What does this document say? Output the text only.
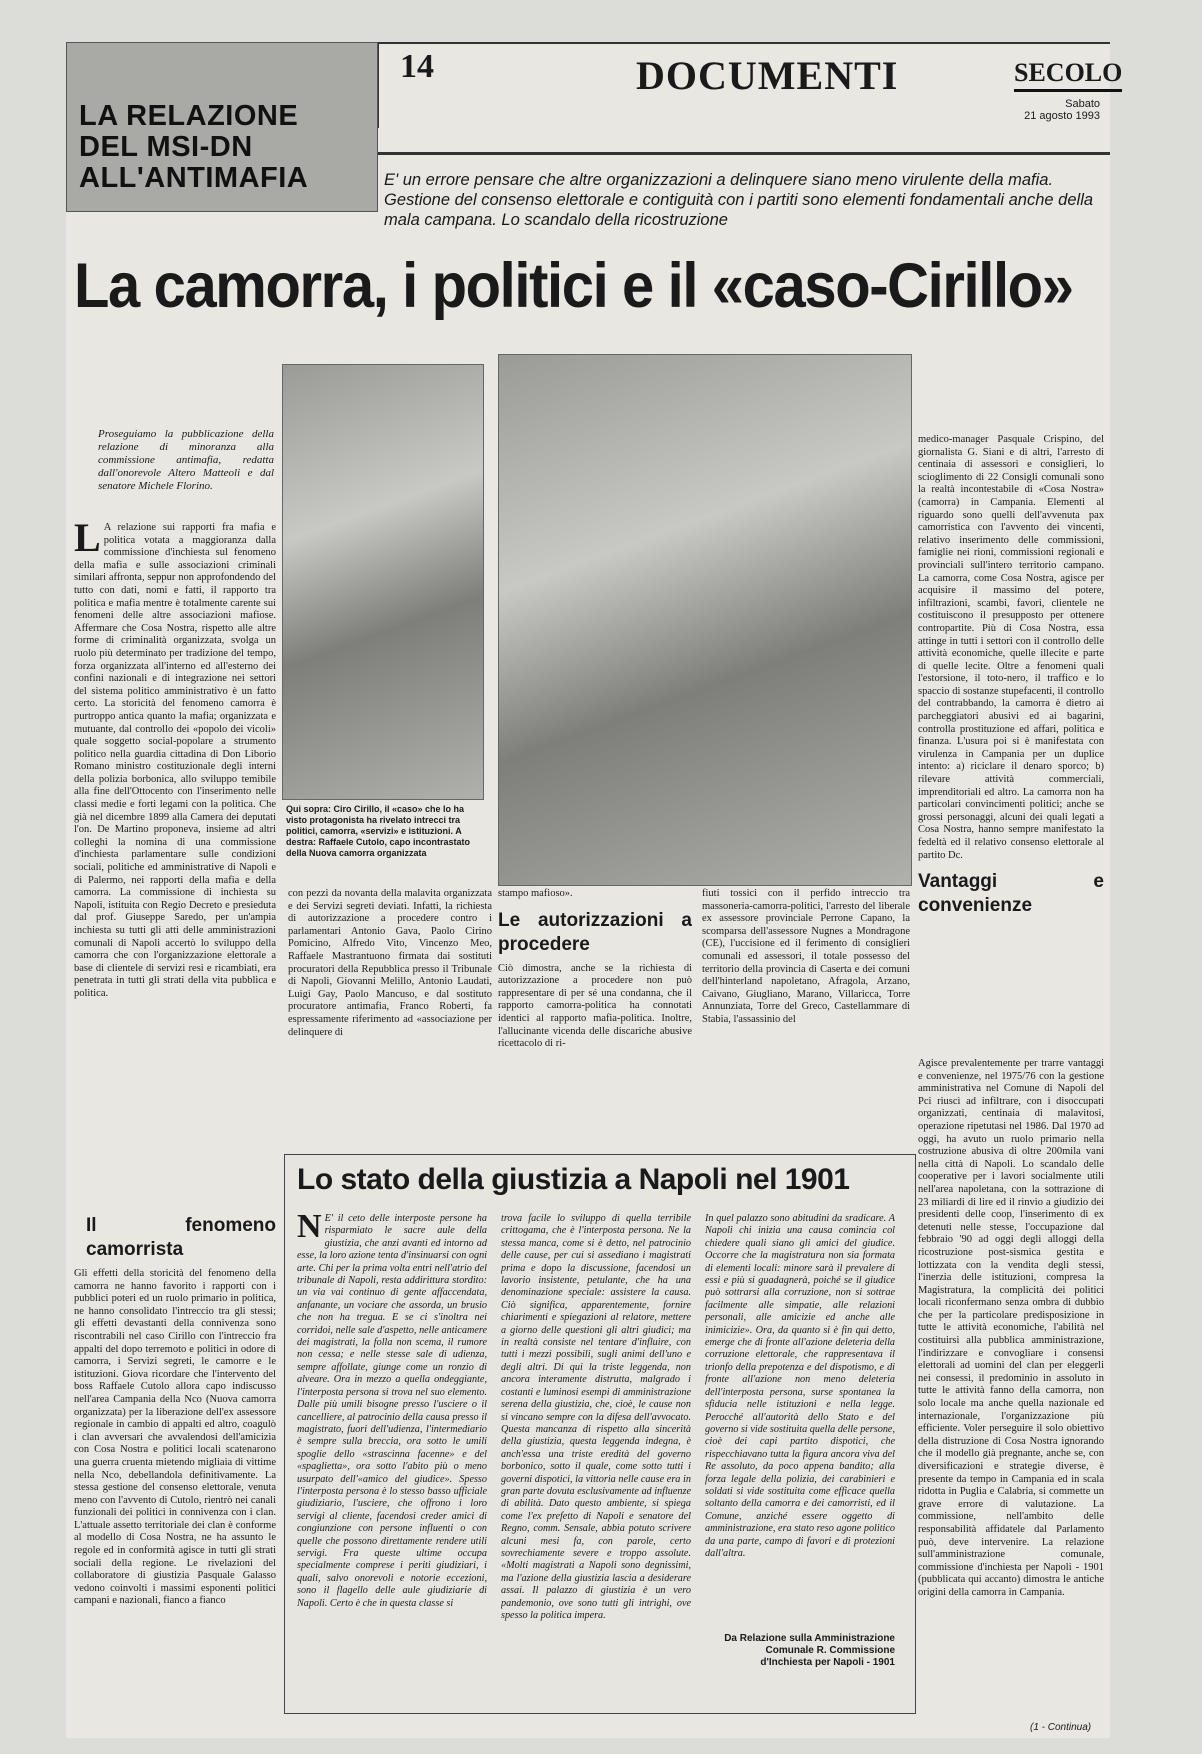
LA RELAZIONE
DEL MSI-DN
ALL'ANTIMAFIA
14	DOCUMENTI	SECOLO
Sabato
21 agosto 1993
E' un errore pensare che altre organizzazioni a delinquere siano meno virulente della mafia. Gestione del consenso elettorale e contiguità con i partiti sono elementi fondamentali anche della mala campana. Lo scandalo della ricostruzione
La camorra, i politici e il «caso-Cirillo»
Qui sopra: Ciro Cirillo, il «caso» che lo ha visto protagonista ha rivelato intrecci tra politici, camorra, «servizi» e istituzioni. A destra: Raffaele Cutolo, capo incontrastato della Nuova camorra organizzata
Proseguiamo la pubblicazione della relazione di minoranza alla commissione antimafia, redatta dall'onorevole Altero Matteoli e dal senatore Michele Florino.
L A relazione sui rapporti fra mafia e politica votata a maggioranza dalla commissione d'inchiesta sul fenomeno della mafia e sulle associazioni criminali similari affronta, seppur non approfondendo del tutto con dati, nomi e fatti, il rapporto tra politica e mafia mentre è totalmente carente sui fenomeni delle altre associazioni mafiose. Affermare che Cosa Nostra, rispetto alle altre forme di criminalità organizzata, svolga un ruolo più determinato per tradizione del tempo, forza organizzata all'interno ed all'esterno dei confini nazionali e di integrazione nei settori del sistema politico amministrativo è un fatto certo. La storicità del fenomeno camorra è purtroppo antica quanto la mafia; organizzata e mutuante, dal controllo dei «popolo dei vicoli» quale soggetto social-popolare a strumento politico nella guardia cittadina di Don Liborio Romano ministro costituzionale degli interni della polizia borbonica, allo sviluppo temibile alla fine dell'Ottocento con l'inserimento nelle classi medie e forti legami con la politica. Che già nel dicembre 1899 alla Camera dei deputati l'on. De Martino proponeva, insieme ad altri colleghi la nomina di una commissione d'inchiesta parlamentare sulle condizioni sociali, politiche ed amministrative di Napoli e di Palermo, nei rapporti della mafia e della camorra. La commissione di inchiesta su Napoli, istituita con Regio Decreto e presieduta dal prof. Giuseppe Saredo, per un'ampia inchiesta su tutti gli atti delle amministrazioni comunali di Napoli accertò lo sviluppo della camorra che con l'organizzazione elettorale a base di clientele di servizi resi e ricambiati, era penetrata in tutti gli strati della vita pubblica e politica.
Il fenomeno camorrista
Gli effetti della storicità del fenomeno della camorra ne hanno favorito i rapporti con i pubblici poteri ed un ruolo primario in politica, ne hanno consolidato l'intreccio tra gli stessi; gli effetti devastanti della connivenza sono riscontrabili nel caso Cirillo con l'intreccio fra appalti del dopo terremoto e politici in odore di camorra, i Servizi segreti, le camorre e le istituzioni. Giova ricordare che l'intervento del boss Raffaele Cutolo allora capo indiscusso nell'area Campania della Nco (Nuova camorra organizzata) per la liberazione dell'ex assessore regionale in cambio di appalti ed altro, coagulò i clan avversari che avvalendosi dell'amicizia con Cosa Nostra e politici locali scatenarono una guerra cruenta mietendo migliaia di vittime nella Nco, debellandola definitivamente. La stessa gestione del consenso elettorale, venuta meno con l'avvento di Cutolo, rientrò nei canali funzionali dei politici in connivenza con i clan. L'attuale assetto territoriale dei clan è conforme al modello di Cosa Nostra, ne ha assunto le regole ed in conformità agisce in tutti gli strati sociali della regione. Le rivelazioni del collaboratore di giustizia Pasquale Galasso vedono coinvolti i massimi esponenti politici campani e nazionali, fianco a fianco
con pezzi da novanta della malavita organizzata e dei Servizi segreti deviati. Infatti, la richiesta di autorizzazione a procedere contro i parlamentari Antonio Gava, Paolo Cirino Pomicino, Alfredo Vito, Vincenzo Meo, Raffaele Mastrantuono firmata dai sostituti procuratori della Repubblica presso il Tribunale di Napoli, Giovanni Melillo, Antonio Laudati, Luigi Gay, Paolo Mancuso, e dal sostituto procuratore antimafia, Franco Roberti, fa espressamente riferimento ad «associazione per delinquere di
stampo mafioso».
Le autorizzazioni a procedere
Ciò dimostra, anche se la richiesta di autorizzazione a procedere non può rappresentare di per sé una condanna, che il rapporto camorra-politica ha connotati identici al rapporto mafia-politica. Inoltre, l'allucinante vicenda delle discariche abusive ricettacolo di ri-
fiuti tossici con il perfido intreccio tra massoneria-camorra-politici, l'arresto del liberale ex assessore provinciale Perrone Capano, la scomparsa dell'assessore Nugnes a Mondragone (CE), l'uccisione ed il ferimento di consiglieri comunali ed assessori, il totale possesso del territorio della provincia di Caserta e dei comuni dell'hinterland napoletano, Afragola, Arzano, Caivano, Giugliano, Marano, Villaricca, Torre Annunziata, Torre del Greco, Castellammare di Stabia, l'assassinio del
medico-manager Pasquale Crispino, del giornalista G. Siani e di altri, l'arresto di centinaia di assessori e consiglieri, lo scioglimento di 22 Consigli comunali sono la realtà incontestabile di «Cosa Nostra» (camorra) in Campania. Elementi al riguardo sono quelli dell'avvenuta pax camorristica con l'avvento dei vincenti, relativo inserimento delle commissioni, famiglie nei rioni, commissioni regionali e provinciali sull'intero territorio campano. La camorra, come Cosa Nostra, agisce per acquisire il massimo del potere, infiltrazioni, scambi, favori, clientele ne costituiscono il presupposto per ottenere contropartite. Più di Cosa Nostra, essa attinge in tutti i settori con il controllo delle attività economiche, quelle illecite e parte di quelle lecite. Oltre a fenomeni quali l'estorsione, il toto-nero, il traffico e lo spaccio di sostanze stupefacenti, il controllo del contrabbando, la camorra è dietro ai parcheggiatori abusivi ed ai bagarini, controlla prostituzione ed affari, politica e finanza. L'usura poi si è manifestata con virulenza in Campania per un duplice intento: a) riciclare il denaro sporco; b) rilevare attività commerciali, imprenditoriali ed altro. La camorra non ha particolari convincimenti politici; anche se grossi personaggi, alcuni dei quali legati a Cosa Nostra, hanno sempre manifestato la fedeltà ed il relativo consenso elettorale al partito Dc.
Vantaggi e convenienze
Agisce prevalentemente per trarre vantaggi e convenienze, nel 1975/76 con la gestione amministrativa nel Comune di Napoli del Pci riuscì ad infiltrare, con i disoccupati organizzati, centinaia di malavitosi, operazione ripetutasi nel 1986. Dal 1970 ad oggi, ha avuto un ruolo primario nella costruzione abusiva di oltre 200mila vani nella città di Napoli. Lo scandalo delle cooperative per i lavori socialmente utili nell'area napoletana, con la sottrazione di 23 miliardi di lire ed il rinvio a giudizio dei presidenti delle coop, l'inserimento di ex detenuti nelle stesse, l'occupazione dal febbraio '90 ad oggi degli alloggi della ricostruzione post-sismica gestita e lottizzata con la vendita degli stessi, l'inerzia delle istituzioni, compresa la Magistratura, la complicità dei politici locali riconfermano senza ombra di dubbio che per la particolare predisposizione in tutte le attività economiche, l'abilità nel costituirsi alla pubblica amministrazione, l'indirizzare e convogliare i consensi elettorali ad uomini del clan per eleggerli nei consessi, il predominio in assoluto in tutte le attività fanno della camorra, non solo locale ma anche quella nazionale ed internazionale, l'organizzazione più efficiente. Voler perseguire il solo obiettivo della distruzione di Cosa Nostra ignorando che il modello già pregnante, anche se, con diversificazioni e strategie diverse, è presente da tempo in Campania ed in scala ridotta in Puglia e Calabria, si commette un grave errore di valutazione. La commissione, nell'ambito delle responsabilità affidatele dal Parlamento può, deve intervenire. La relazione sull'amministrazione comunale, commissione d'inchiesta per Napoli - 1901 (pubblicata qui accanto) dimostra le antiche origini della camorra in Campania.
Lo stato della giustizia a Napoli nel 1901
N E' il ceto delle interposte persone ha risparmiato le sacre aule della giustizia, che anzi avanti ed intorno ad esse, la loro azione tenta d'insinuarsi con ogni arte. Chi per la prima volta entri nell'atrio del tribunale di Napoli, resta addirittura stordito: un via vai continuo di gente affaccendata, anfanante, un vociare che assorda, un brusio che non ha tregua. E se ci s'inoltra nei corridoi, nelle sale d'aspetto, nelle anticamere dei magistrati, la folla non scema, il rumore non cessa; e nelle stesse sale di udienza, sempre affollate, giunge come un ronzio di alveare. Ora in mezzo a quella ondeggiante, l'interposta persona si trova nel suo elemento. Dalle più umili bisogne presso l'usciere o il cancelliere, al patrocinio della causa presso il magistrato, fuori dell'udienza, l'intermediario è sempre sulla breccia, ora sotto le umili spoglie dello «strascinna facenne» e del «spaglietta», ora sotto l'abito più o meno usurpato dell'«amico del giudice». Spesso l'interposta persona è lo stesso basso ufficiale giudiziario, l'usciere, che offrono i loro servigi al cliente, facendosi creder amici di congiunzione con persone influenti o con quelle che possono direttamente rendere utili servigi. Fra queste ultime occupa specialmente comprese i periti giudiziari, i quali, salvo onorevoli e notorie eccezioni, sono il flagello delle aule giudiziarie di Napoli. Certo è che in questa classe si
trova facile lo sviluppo di quella terribile crittogama, che è l'interposta persona. Ne la stessa manca, come si è detto, nel patrocinio delle cause, per cui si assediano i magistrati prima e dopo la discussione, facendosi un lavorio insistente, petulante, che ha una denominazione speciale: assistere la causa. Ciò significa, apparentemente, fornire chiarimenti e spiegazioni al relatore, mettere a giorno delle questioni gli altri giudici; ma in realtà consiste nel tentare d'influire, con tutti i mezzi possibili, sugli animi dell'uno e degli altri. Di qui la triste leggenda, non ancora interamente distrutta, malgrado i costanti e luminosi esempi di amministrazione serena della giustizia, che, cioè, le cause non si vincano sempre con la difesa dell'avvocato. Questa mancanza di rispetto alla sincerità della giustizia, questa leggenda indegna, è anch'essa una triste eredità del governo borbonico, sotto il quale, come sotto tutti i governi dispotici, la vittoria nelle cause era in gran parte dovuta esclusivamente ad influenze di abilità. Dato questo ambiente, si spiega come l'ex prefetto di Napoli e senatore del Regno, comm. Sensale, abbia potuto scrivere alcuni mesi fa, con parole, certo sovrechiamente severe e troppo assolute. «Molti magistrati a Napoli sono degnissimi, ma l'azione della giustizia lascia a desiderare assai. Il palazzo di giustizia è un vero pandemonio, ove sono tutti gli intrighi, ove spesso la politica impera.
In quel palazzo sono abitudini da sradicare. A Napoli chi inizia una causa comincia col chiedere quali siano gli amici del giudice. Occorre che la magistratura non sia formata di elementi locali: minore sarà il prevalere di essi e più si guadagnerà, poiché se il giudice può sottrarsi alla corruzione, non si sottrae facilmente alle simpatie, alle relazioni personali, alle amicizie ed anche alle inimicizie». Ora, da quanto si è fin qui detto, emerge che di fronte all'azione deleteria della corruzione elettorale, che rappresentava il trionfo della prepotenza e del dispotismo, e di fronte all'azione non meno deleteria dell'interposta persona, surse spontanea la sfiducia nelle istituzioni e nella legge. Perocché all'autorità dello Stato e del governo si vide sostituita quella delle persone, cioè dei capi partito dispotici, che rispecchiavano tutta la figura ancora viva del Re assoluto, da poco appena bandito; alla forza legale della polizia, dei carabinieri e soldati si vide sostituita come efficace quella soltanto della camorra e dei camorristi, ed il Comune, anziché essere oggetto di amministrazione, era stato reso agone politico da una parte, campo di favori e di protezioni dall'altra.
Da Relazione sulla Amministrazione Comunale R. Commissione d'Inchiesta per Napoli - 1901
(1 - Continua)
